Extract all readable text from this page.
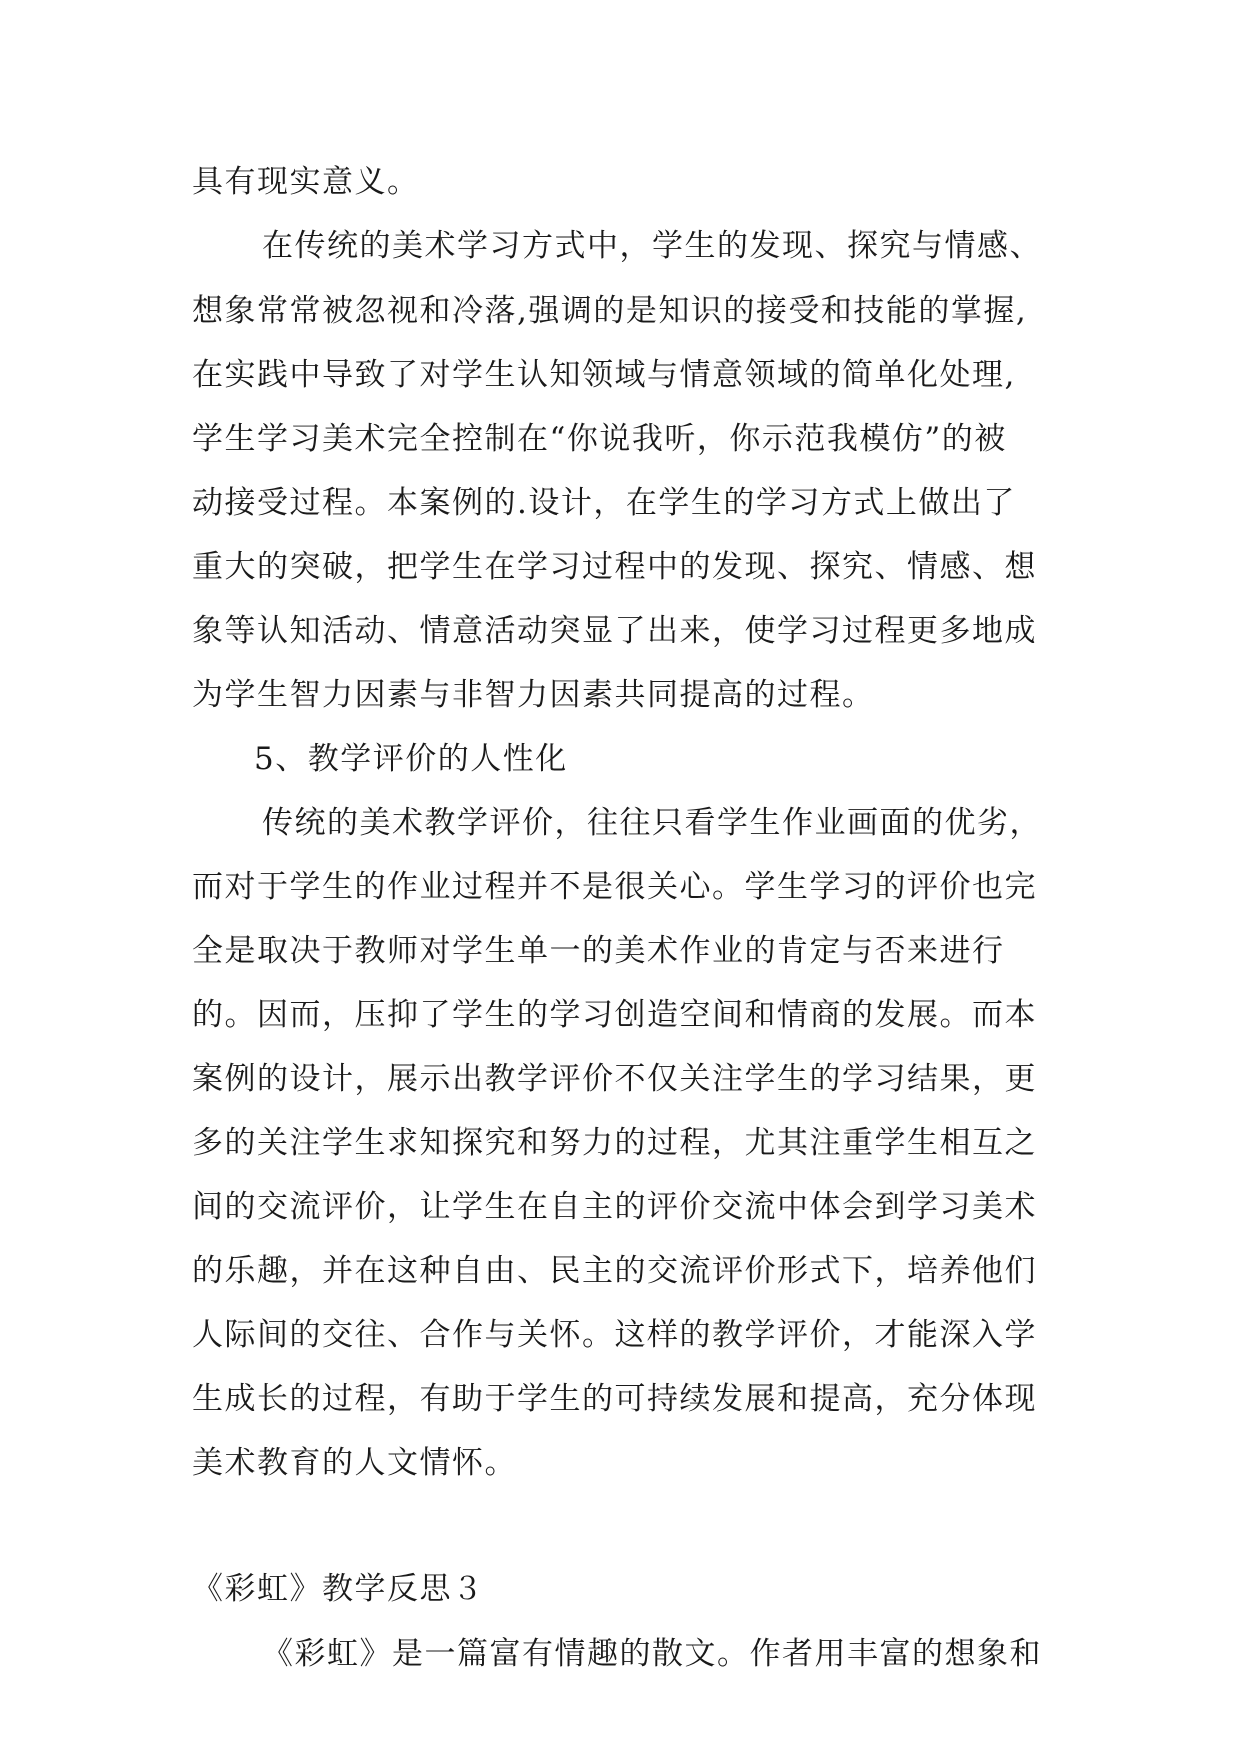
具有现实意义。
在传统的美术学习方式中，学生的发现、探究与情感、
想象常常被忽视和冷落,强调的是知识的接受和技能的掌握,
在实践中导致了对学生认知领域与情意领域的简单化处理,
学生学习美术完全控制在“你说我听，你示范我模仿”的被
动接受过程。本案例的.设计，在学生的学习方式上做出了
重大的突破，把学生在学习过程中的发现、探究、情感、想
象等认知活动、情意活动突显了出来，使学习过程更多地成
为学生智力因素与非智力因素共同提高的过程。
5、教学评价的人性化
传统的美术教学评价，往往只看学生作业画面的优劣，
而对于学生的作业过程并不是很关心。学生学习的评价也完
全是取决于教师对学生单一的美术作业的肯定与否来进行
的。因而，压抑了学生的学习创造空间和情商的发展。而本
案例的设计，展示出教学评价不仅关注学生的学习结果，更
多的关注学生求知探究和努力的过程，尤其注重学生相互之
间的交流评价，让学生在自主的评价交流中体会到学习美术
的乐趣，并在这种自由、民主的交流评价形式下，培养他们
人际间的交往、合作与关怀。这样的教学评价，才能深入学
生成长的过程，有助于学生的可持续发展和提高，充分体现
美术教育的人文情怀。
《彩虹》教学反思３
《彩虹》是一篇富有情趣的散文。作者用丰富的想象和
